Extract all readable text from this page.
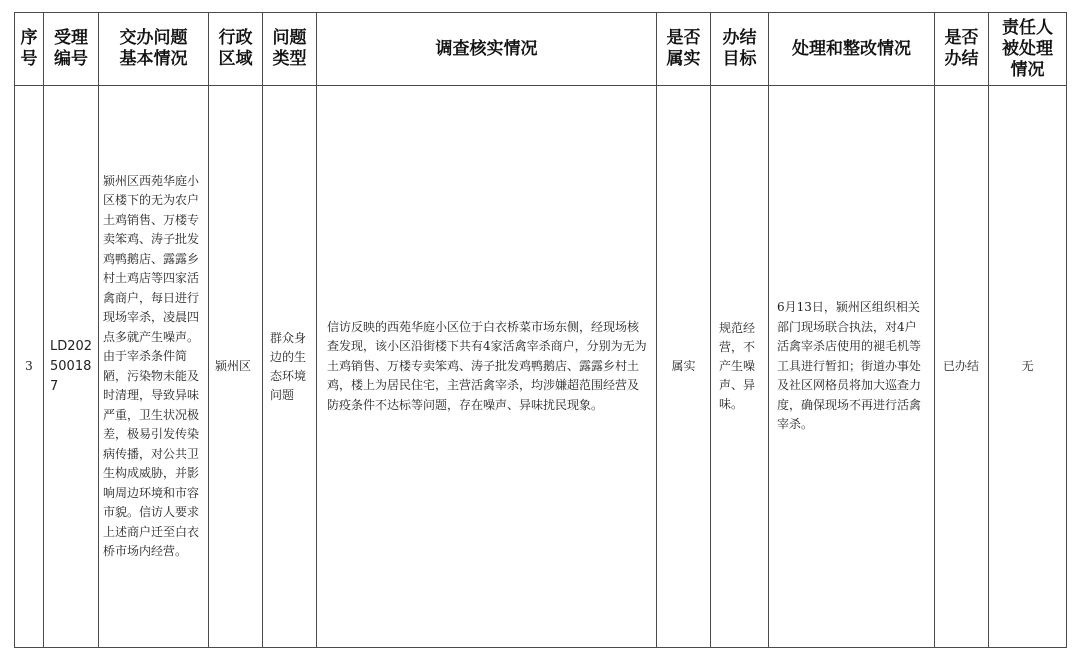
序
号	受理
编号	交办问题
基本情况	行政
区域	问题
类型	调查核实情况	是否
属实	办结
目标	处理和整改情况	是否
办结	责任人
被处理
情况

3	LD20250018 7	颍州区西苑华庭小区楼下的无为农户土鸡销售、万楼专卖笨鸡、涛子批发鸡鸭鹅店、露露乡村土鸡店等四家活禽商户，每日进行现场宰杀，凌晨四点多就产生噪声。由于宰杀条件简陋，污染物未能及时清理，导致异味严重，卫生状况极差，极易引发传染病传播，对公共卫生构成威胁，并影响周边环境和市容市貌。信访人要求上述商户迁至白衣桥市场内经营。	颍州区	群众身边的生态环境问题	信访反映的西苑华庭小区位于白衣桥菜市场东侧，经现场核查发现，该小区沿街楼下共有4家活禽宰杀商户，分别为无为土鸡销售、万楼专卖笨鸡、涛子批发鸡鸭鹅店、露露乡村土鸡，楼上为居民住宅，主营活禽宰杀，均涉嫌超范围经营及防疫条件不达标等问题，存在噪声、异味扰民现象。	属实	规范经营，不产生噪声、异味。	6月13日，颍州区组织相关部门现场联合执法，对4户活禽宰杀店使用的褪毛机等工具进行暂扣；街道办事处及社区网格员将加大巡查力度，确保现场不再进行活禽宰杀。	已办结	无
